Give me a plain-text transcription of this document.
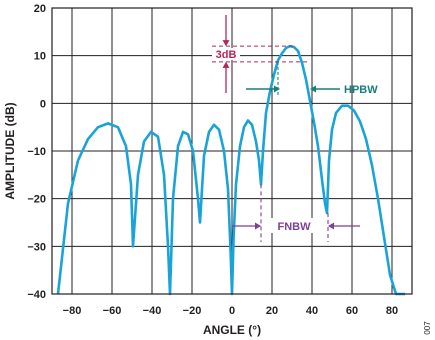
−80 −60 −40 −20	0	20	40	60	80
20
10
0
−10
−20
−30
−40
3dB
HPBW
FNBW
ANGLE (°)
AMPLITUDE (dB)
007
